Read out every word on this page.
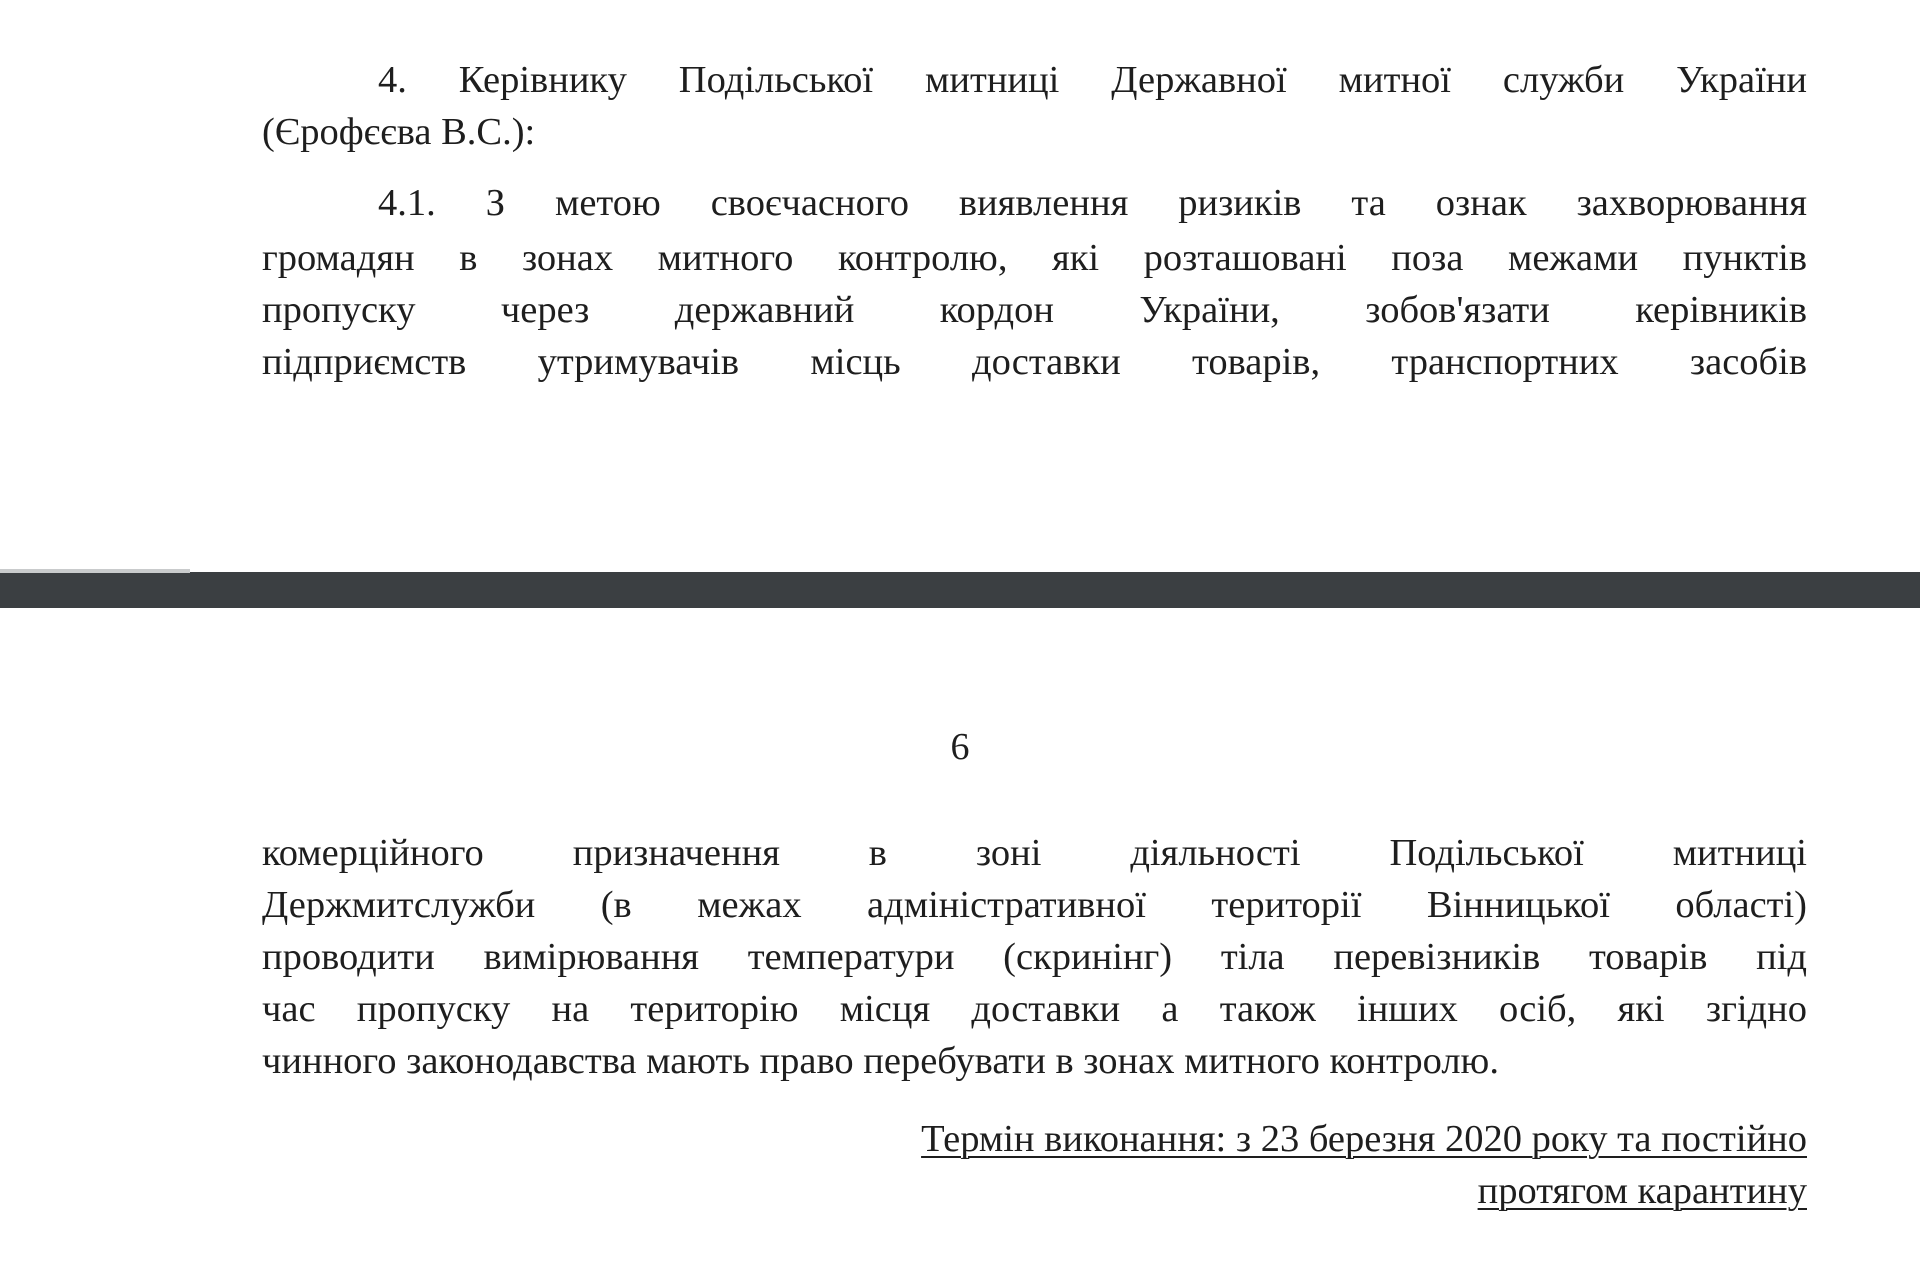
4. Керівнику Подільської митниці Державної митної служби України

(Єрофєєва В.С.):

4.1. З метою своєчасного виявлення ризиків та ознак захворювання

громадян в зонах митного контролю, які розташовані поза межами пунктів

пропуску через державний кордон України, зобов'язати керівників

підприємств утримувачів місць доставки товарів, транспортних засобів

6

комерційного призначення в зоні діяльності Подільської митниці

Держмитслужби (в межах адміністративної території Вінницької області)

проводити вимірювання температури (скринінг) тіла перевізників товарів під

час пропуску на територію місця доставки а також інших осіб, які згідно

чинного законодавства мають право перебувати в зонах митного контролю.

Термін виконання: з 23 березня 2020 року та постійно

протягом карантину
